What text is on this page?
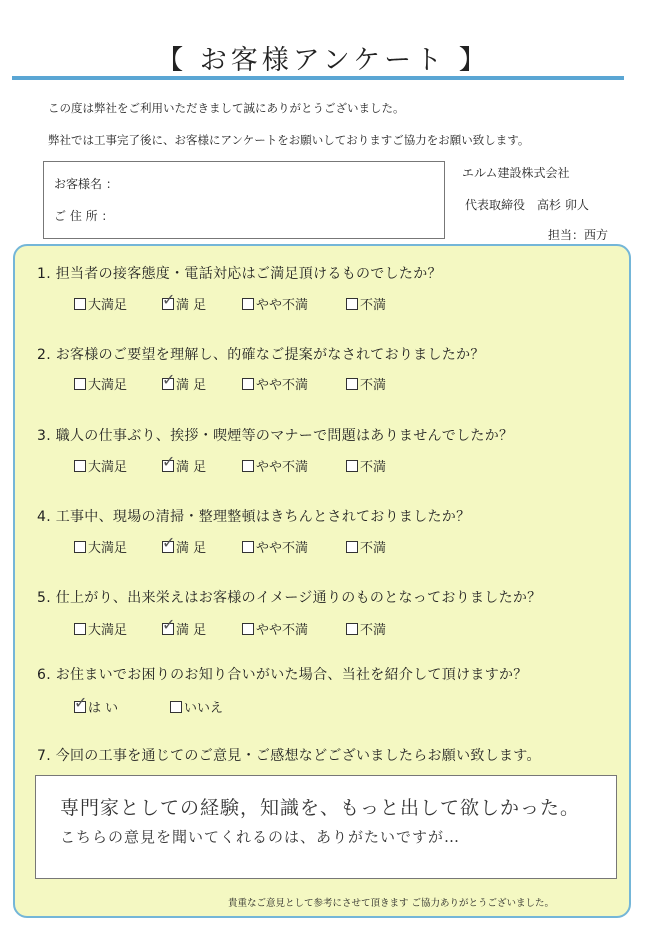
【 お客様アンケート 】
この度は弊社をご利用いただきまして誠にありがとうございました。
弊社では工事完了後に、お客様にアンケートをお願いしておりますご協力をお願い致します。
お客様名 ：
ご 住 所 ：
エルム建設株式会社
代表取締役　高杉 卯人
担当：西方
1. 担当者の接客態度・電話対応はご満足頂けるものでしたか？
大満足 ✓ 満 足	やや不満	不満
2. お客様のご要望を理解し、的確なご提案がなされておりましたか？
大満足 ✓ 満 足	やや不満	不満
3. 職人の仕事ぶり、挨拶・喫煙等のマナーで問題はありませんでしたか？
大満足 ✓ 満 足	やや不満	不満
4. 工事中、現場の清掃・整理整頓はきちんとされておりましたか？
大満足 ✓ 満 足	やや不満	不満
5. 仕上がり、出来栄えはお客様のイメージ通りのものとなっておりましたか？
大満足 ✓ 満 足	やや不満	不満
6. お住まいでお困りのお知り合いがいた場合、当社を紹介して頂けますか？
✓ は い	いいえ
7. 今回の工事を通じてのご意見・ご感想などございましたらお願い致します。
専門家としての経験，知識を、もっと出して欲しかった。
こちらの意見を聞いてくれるのは、ありがたいですが…
貴重なご意見として参考にさせて頂きます ご協力ありがとうございました。
